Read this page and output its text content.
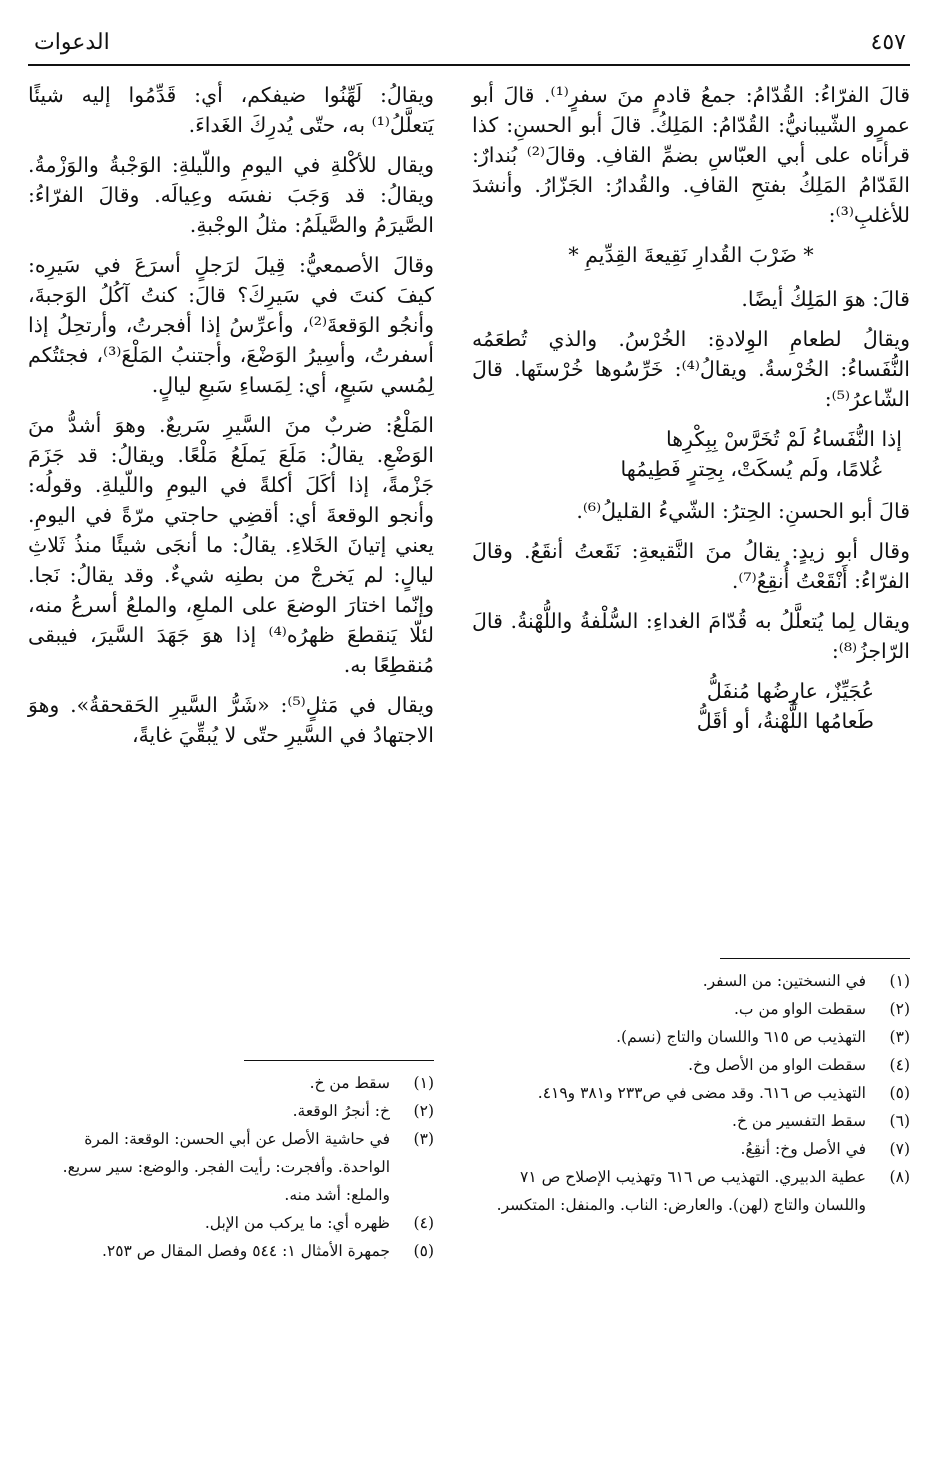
٤٥٧
الدعوات

قالَ الفرّاءُ: القُدّامُ: جمعُ قادمٍ منَ سفرٍ⁽¹⁾. قالَ أبو عمرٍو الشّيبانيُّ: القُدّامُ: المَلِكُ. قالَ أبو الحسنِ: كذا قرأناه على أبي العبّاسِ بضمِّ القافِ. وقالَ⁽²⁾ بُندارٌ: القَدّامُ المَلِكُ بفتحِ القافِ. والقُدارُ: الجَزّارُ. وأنشدَ للأغلبِ⁽³⁾:

* ضَرْبَ القُدارِ نَقِيعةَ القِدِّيمِ *

قالَ: هوَ المَلِكُ أيضًا.

ويقالُ لطعامِ الوِلادةِ: الخُرْسُ. والذي تُطعَمُه النُّفَساءُ: الخُرْسةُ. ويقالُ⁽⁴⁾: خَرِّسُوها خُرْستَها. قالَ الشّاعرُ⁽⁵⁾:

إذا النُّفَساءُ لَمْ تُخَرَّسْ بِبِكْرِها

غُلامًا، ولَم يُسكَتْ، بِحِترٍ فَطِيمُها

قالَ أبو الحسنِ: الحِترُ: الشّيءُ القليلُ⁽⁶⁾.

وقال أبو زيدٍ: يقالُ منَ النَّقيعةِ: نَقَعتُ أنقَعُ. وقالَ الفرّاءُ: أَنْقَعْتُ أُنقِعُ⁽⁷⁾.

ويقال لِما يُتعلَّلُ به قُدّامَ الغداءِ: السُّلْفةُ واللُّهْنةُ. قالَ الرّاجزُ⁽⁸⁾:

عُجَيِّزٌ، عارِضُها مُنفَلُّ

طَعامُها اللُّهْنةُ، أو أقَلُّ

ويقالُ: لَهِّنُوا ضيفكم، أي: قَدِّمُوا إليه شيئًا يَتعلَّلُ⁽¹⁾ به، حتّى يُدرِكَ الغَداءَ.

ويقال للأكْلةِ في اليومِ واللّيلةِ: الوَجْبةُ والوَزْمةُ. ويقالُ: قد وَجَبَ نفسَه وعِيالَه. وقالَ الفرّاءُ: الصَّيرَمُ والصَّيلَمُ: مثلُ الوجْبةِ.

وقالَ الأصمعيُّ: قِيلَ لرَجلٍ أسرَعَ في سَيرِه: كيفَ كنتَ في سَيرِكَ؟ قالَ: كنتُ آكُلُ الوَجبةَ، وأنجُو الوَقعةَ⁽²⁾، وأعرِّسُ إذا أفجرتُ، وأرتحِلُ إذا أسفرتُ، وأسِيرُ الوَضْعَ، وأجتنبُ المَلْعَ⁽³⁾، فجئتُكم لِمُسي سَبعٍ، أي: لِمَساءِ سَبعِ ليالٍ.

المَلْعُ: ضربٌ منَ السَّيرِ سَريعٌ. وهوَ أشدُّ منَ الوَضْعِ. يقالُ: مَلَعَ يَملَعُ مَلْعًا. ويقالُ: قد جَزَمَ جَزْمةً، إذا أكَلَ أكلةً في اليومِ واللّيلةِ. وقولُه: وأنجو الوقعةَ أي: أقضِي حاجتي مرّةً في اليومِ. يعني إتيانَ الخَلاءِ. يقالُ: ما أنجَى شيئًا منذُ ثَلاثِ ليالٍ: لم يَخرجْ من بطنِه شيءٌ. وقد يقالُ: نَجا. وإنّما اختارَ الوضعَ على الملعِ، والملعُ أسرعُ منه، لئلّا يَنقطعَ ظهرُه⁽⁴⁾ إذا هوَ جَهَدَ السَّيرَ، فيبقى مُنقطِعًا به.

ويقال في مَثلٍ⁽⁵⁾: «شَرُّ السَّيرِ الحَقحقةُ». وهوَ الاجتهادُ في السَّيرِ حتّى لا يُبقِّيَ غايةً،

(١)
في النسختين: من السفر.
(٢)
سقطت الواو من ب.
(٣)
التهذيب ص ٦١٥ واللسان والتاج (نسم).
(٤)
سقطت الواو من الأصل وخ.
(٥)
التهذيب ص ٦١٦. وقد مضى في ص٢٣٣ و٣٨١ و٤١٩.
(٦)
سقط التفسير من خ.
(٧)
في الأصل وخ: أنقِعُ.
(٨)
عطية الدبيري. التهذيب ص ٦١٦ وتهذيب الإصلاح ص ٧١ واللسان والتاج (لهن). والعارض: الناب. والمنفل: المتكسر.
(١)
سقط من خ.
(٢)
خ: أنجرُ الوقعة.
(٣)
في حاشية الأصل عن أبي الحسن: الوقعة: المرة الواحدة. وأفجرت: رأيت الفجر. والوضع: سير سريع. والملع: أشد منه.
(٤)
ظهره أي: ما يركب من الإبل.
(٥)
جمهرة الأمثال ١: ٥٤٤ وفصل المقال ص ٢٥٣.
